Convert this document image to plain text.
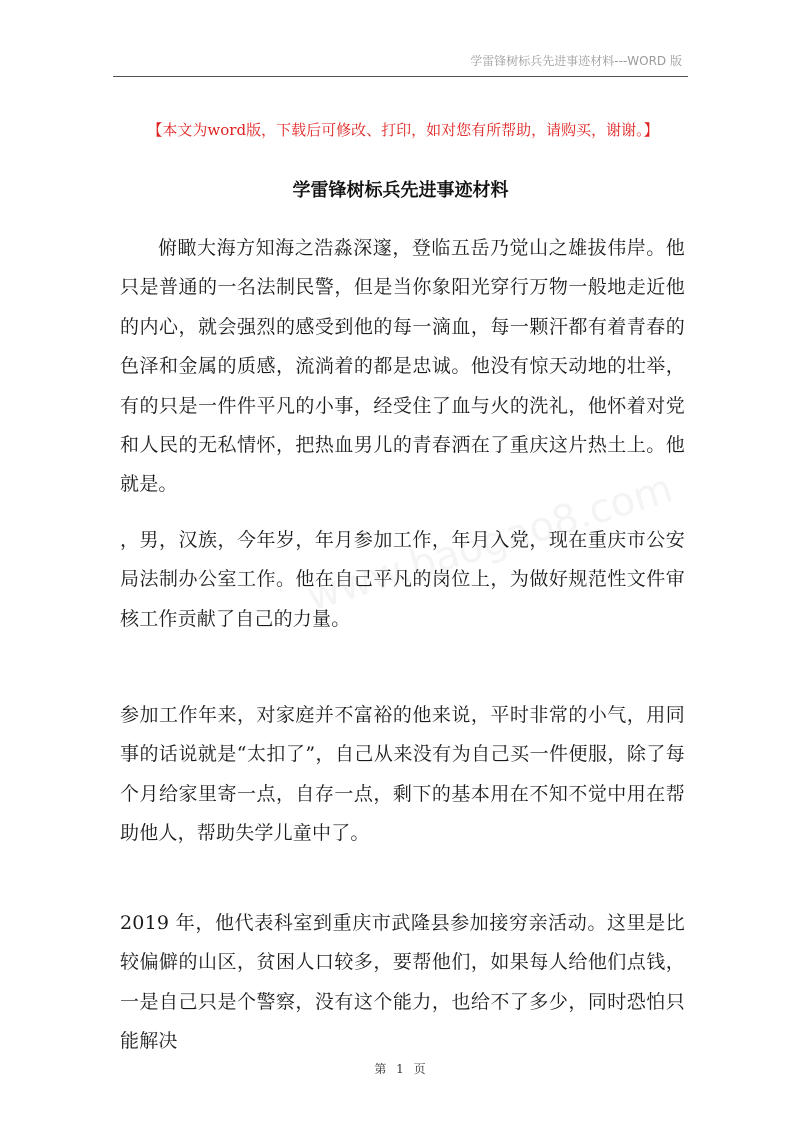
学雷锋树标兵先进事迹材料---WORD 版
【本文为word版，下载后可修改、打印，如对您有所帮助，请购买，谢谢。】
学雷锋树标兵先进事迹材料

俯瞰大海方知海之浩淼深邃，登临五岳乃觉山之雄拔伟岸。他只是普通的一名法制民警，但是当你象阳光穿行万物一般地走近他的内心，就会强烈的感受到他的每一滴血，每一颗汗都有着青春的色泽和金属的质感，流淌着的都是忠诚。他没有惊天动地的壮举，有的只是一件件平凡的小事，经受住了血与火的洗礼，他怀着对党和人民的无私情怀，把热血男儿的青春洒在了重庆这片热土上。他就是。

，男，汉族，今年岁，年月参加工作，年月入党，现在重庆市公安局法制办公室工作。他在自己平凡的岗位上，为做好规范性文件审核工作贡献了自己的力量。

参加工作年来，对家庭并不富裕的他来说，平时非常的小气，用同事的话说就是“太扣了”，自己从来没有为自己买一件便服，除了每个月给家里寄一点，自存一点，剩下的基本用在不知不觉中用在帮助他人，帮助失学儿童中了。

2019 年，他代表科室到重庆市武隆县参加接穷亲活动。这里是比较偏僻的山区，贫困人口较多，要帮他们，如果每人给他们点钱，一是自己只是个警察，没有这个能力，也给不了多少，同时恐怕只能解决

第 1 页
